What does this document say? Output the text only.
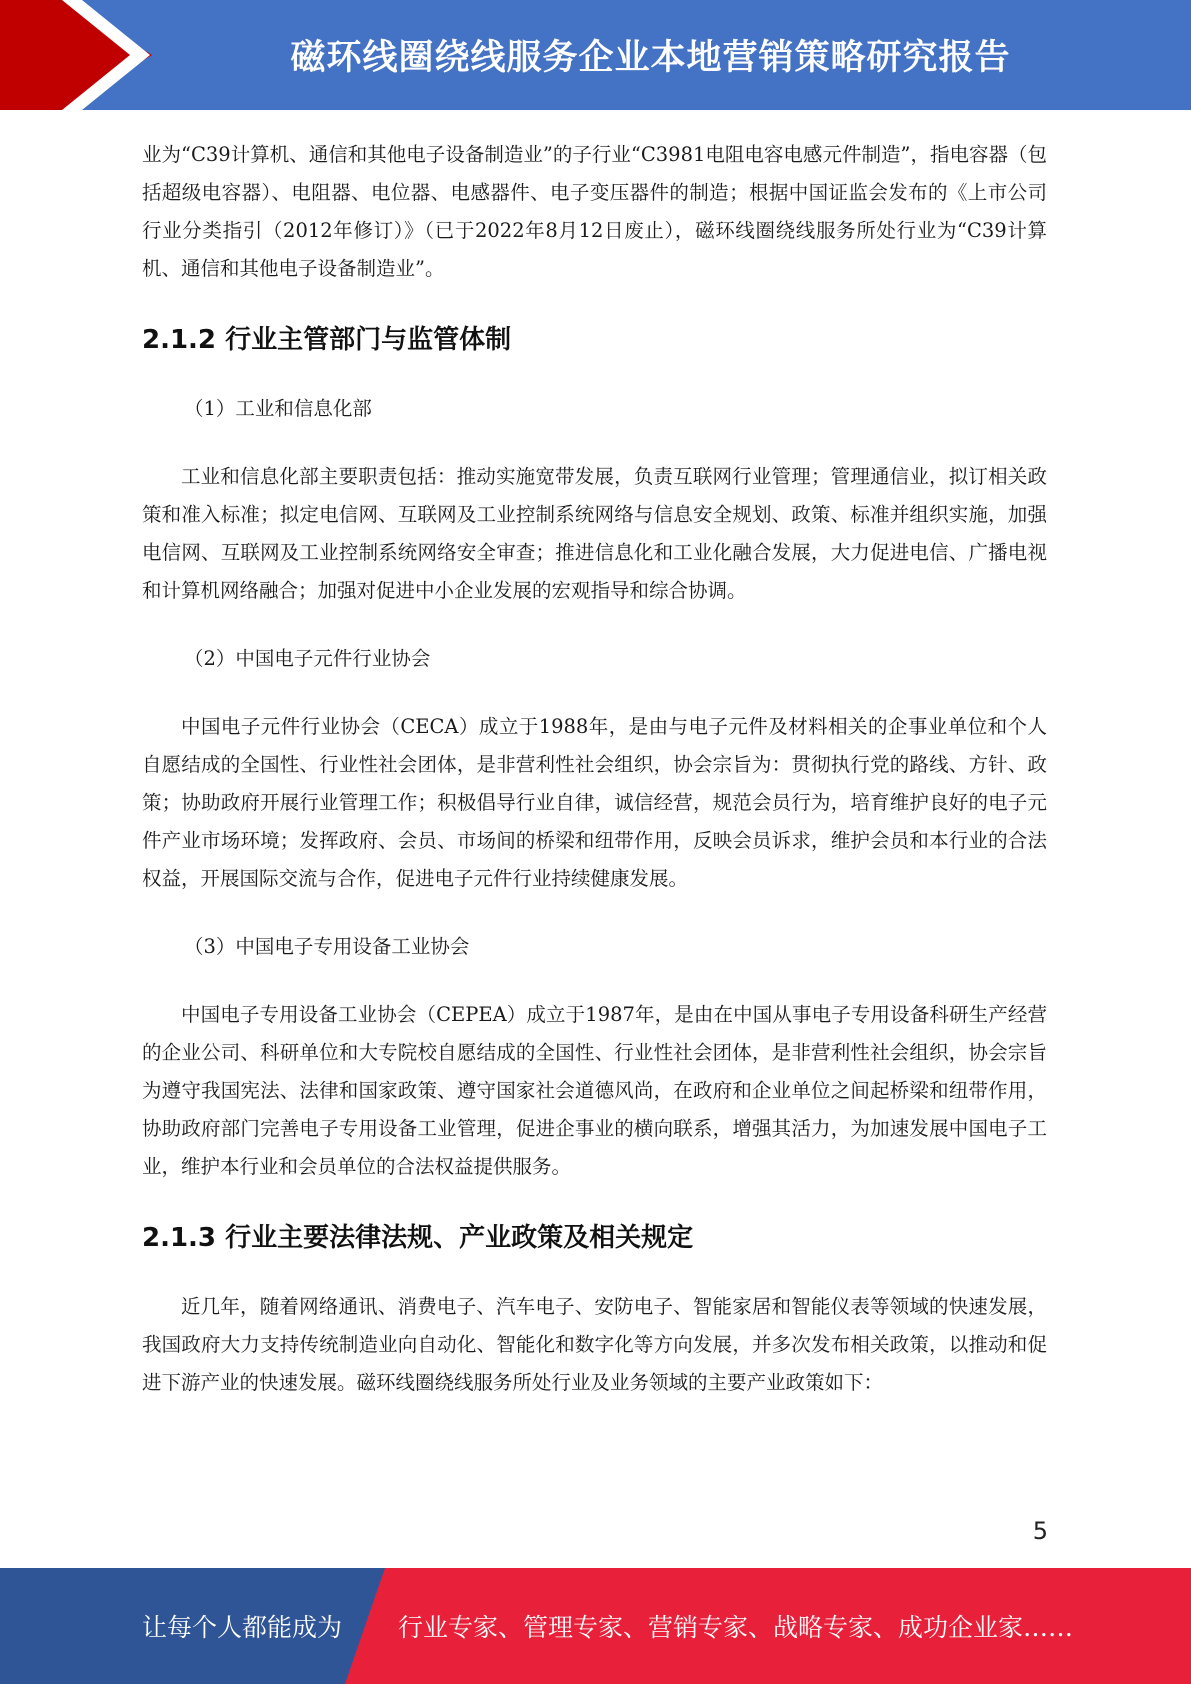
磁环线圈绕线服务企业本地营销策略研究报告

业为“C39计算机、通信和其他电子设备制造业”的子行业“C3981电阻电容电感元件制造”，指电容器（包括超级电容器）、电阻器、电位器、电感器件、电子变压器件的制造；根据中国证监会发布的《上市公司行业分类指引（2012年修订）》（已于2022年8月12日废止），磁环线圈绕线服务所处行业为“C39计算机、通信和其他电子设备制造业”。

2.1.2 行业主管部门与监管体制

（1）工业和信息化部

工业和信息化部主要职责包括：推动实施宽带发展，负责互联网行业管理；管理通信业，拟订相关政策和准入标准；拟定电信网、互联网及工业控制系统网络与信息安全规划、政策、标准并组织实施，加强电信网、互联网及工业控制系统网络安全审查；推进信息化和工业化融合发展，大力促进电信、广播电视和计算机网络融合；加强对促进中小企业发展的宏观指导和综合协调。

（2）中国电子元件行业协会

中国电子元件行业协会（CECA）成立于1988年，是由与电子元件及材料相关的企事业单位和个人自愿结成的全国性、行业性社会团体，是非营利性社会组织，协会宗旨为：贯彻执行党的路线、方针、政策；协助政府开展行业管理工作；积极倡导行业自律，诚信经营，规范会员行为，培育维护良好的电子元件产业市场环境；发挥政府、会员、市场间的桥梁和纽带作用，反映会员诉求，维护会员和本行业的合法权益，开展国际交流与合作，促进电子元件行业持续健康发展。

（3）中国电子专用设备工业协会

中国电子专用设备工业协会（CEPEA）成立于1987年，是由在中国从事电子专用设备科研生产经营的企业公司、科研单位和大专院校自愿结成的全国性、行业性社会团体，是非营利性社会组织，协会宗旨为遵守我国宪法、法律和国家政策、遵守国家社会道德风尚，在政府和企业单位之间起桥梁和纽带作用，协助政府部门完善电子专用设备工业管理，促进企事业的横向联系，增强其活力，为加速发展中国电子工业，维护本行业和会员单位的合法权益提供服务。

2.1.3 行业主要法律法规、产业政策及相关规定

近几年，随着网络通讯、消费电子、汽车电子、安防电子、智能家居和智能仪表等领域的快速发展，我国政府大力支持传统制造业向自动化、智能化和数字化等方向发展，并多次发布相关政策，以推动和促进下游产业的快速发展。磁环线圈绕线服务所处行业及业务领域的主要产业政策如下：

5
让每个人都能成为 行业专家、管理专家、营销专家、战略专家、成功企业家……
